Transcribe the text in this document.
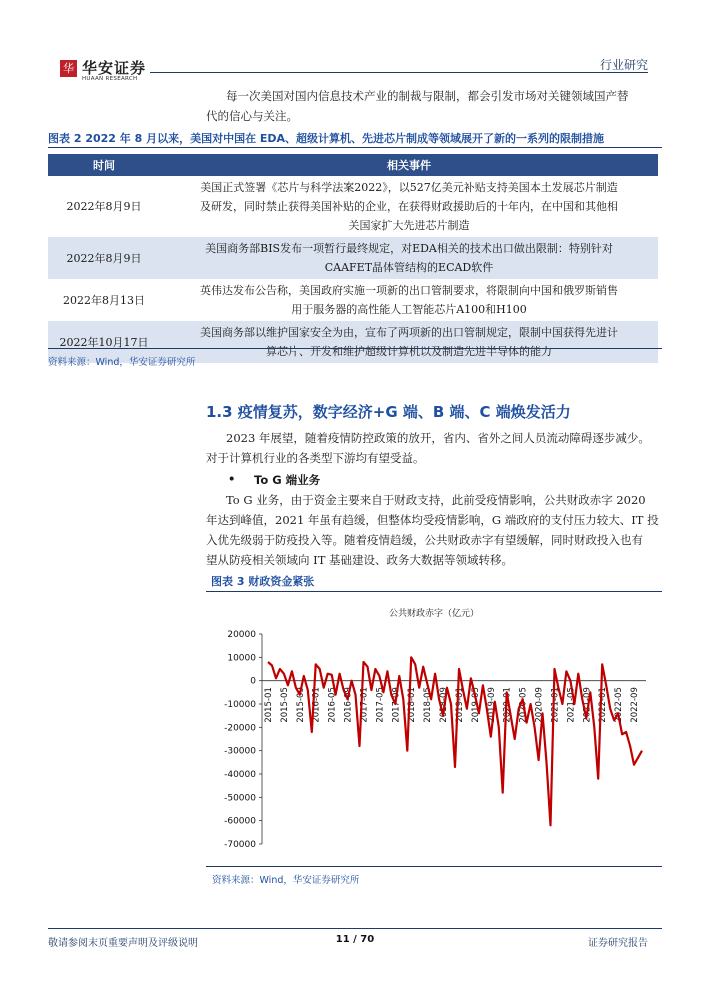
华 华安证券
HUAAN RESEARCH
行业研究
每一次美国对国内信息技术产业的制裁与限制，都会引发市场对关键领域国产替
代的信心与关注。
图表 2 2022 年 8 月以来，美国对中国在 EDA、超级计算机、先进芯片制成等领域展开了新的一系列的限制措施
时间	相关事件
2022年8月9日	美国正式签署《芯片与科学法案2022》，以527亿美元补贴支持美国本土发展芯片制造
及研发，同时禁止获得美国补贴的企业，在获得财政援助后的十年内，在中国和其他相
关国家扩大先进芯片制造

2022年8月9日	美国商务部BIS发布一项暂行最终规定，对EDA相关的技术出口做出限制：特别针对
CAAFET晶体管结构的ECAD软件

2022年8月13日	英伟达发布公告称，美国政府实施一项新的出口管制要求，将限制向中国和俄罗斯销售
用于服务器的高性能人工智能芯片A100和H100

2022年10月17日	美国商务部以维护国家安全为由，宣布了两项新的出口管制规定，限制中国获得先进计
算芯片、开发和维护超级计算机以及制造先进半导体的能力
资料来源：Wind，华安证券研究所
1.3 疫情复苏，数字经济+G 端、B 端、C 端焕发活力
2023 年展望，随着疫情防控政策的放开，省内、省外之间人员流动障碍逐步减少。
对于计算机行业的各类型下游均有望受益。
• To G 端业务
To G 业务，由于资金主要来自于财政支持，此前受疫情影响，公共财政赤字 2020
年达到峰值，2021 年虽有趋缓，但整体均受疫情影响，G 端政府的支付压力较大、IT 投
入优先级弱于防疫投入等。随着疫情趋缓，公共财政赤字有望缓解，同时财政投入也有
望从防疫相关领域向 IT 基础建设、政务大数据等领域转移。
图表 3 财政资金紧张
公共财政赤字（亿元）
20000
10000
0
-10000
-20000
-30000
-40000
-50000
-60000
-70000
2015-01 2015-05 2015-09 2016-01 2016-05 2016-09 2017-01 2017-05 2017-09 2018-01 2018-05 2018-09 2019-01 2019-05 2019-09 2020-01 2020-05 2020-09 2021-01 2021-05 2021-09 2022-01 2022-05 2022-09
资料来源：Wind，华安证券研究所
敬请参阅末页重要声明及评级说明	11 / 70	证券研究报告
